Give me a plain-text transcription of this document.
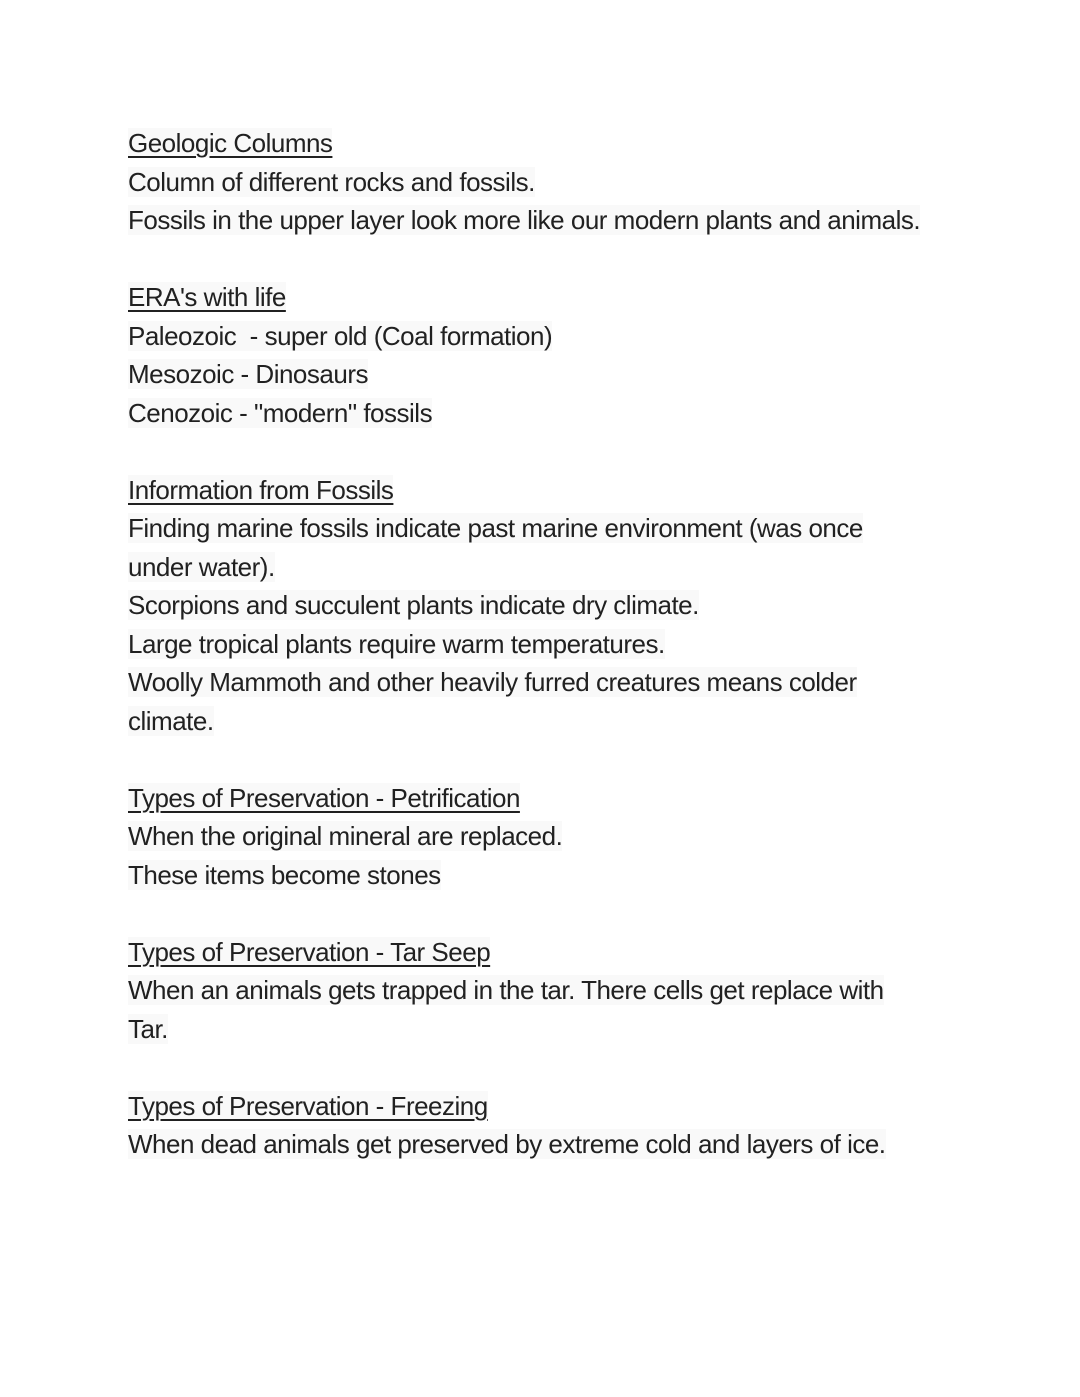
Geologic Columns
Column of different rocks and fossils.
Fossils in the upper layer look more like our modern plants and animals.
ERA's with life
Paleozoic  - super old (Coal formation)
Mesozoic - Dinosaurs
Cenozoic - "modern" fossils
Information from Fossils
Finding marine fossils indicate past marine environment (was once
under water).
Scorpions and succulent plants indicate dry climate.
Large tropical plants require warm temperatures.
Woolly Mammoth and other heavily furred creatures means colder
climate.
Types of Preservation - Petrification
When the original mineral are replaced.
These items become stones
Types of Preservation - Tar Seep
When an animals gets trapped in the tar. There cells get replace with
Tar.
Types of Preservation - Freezing
When dead animals get preserved by extreme cold and layers of ice.
